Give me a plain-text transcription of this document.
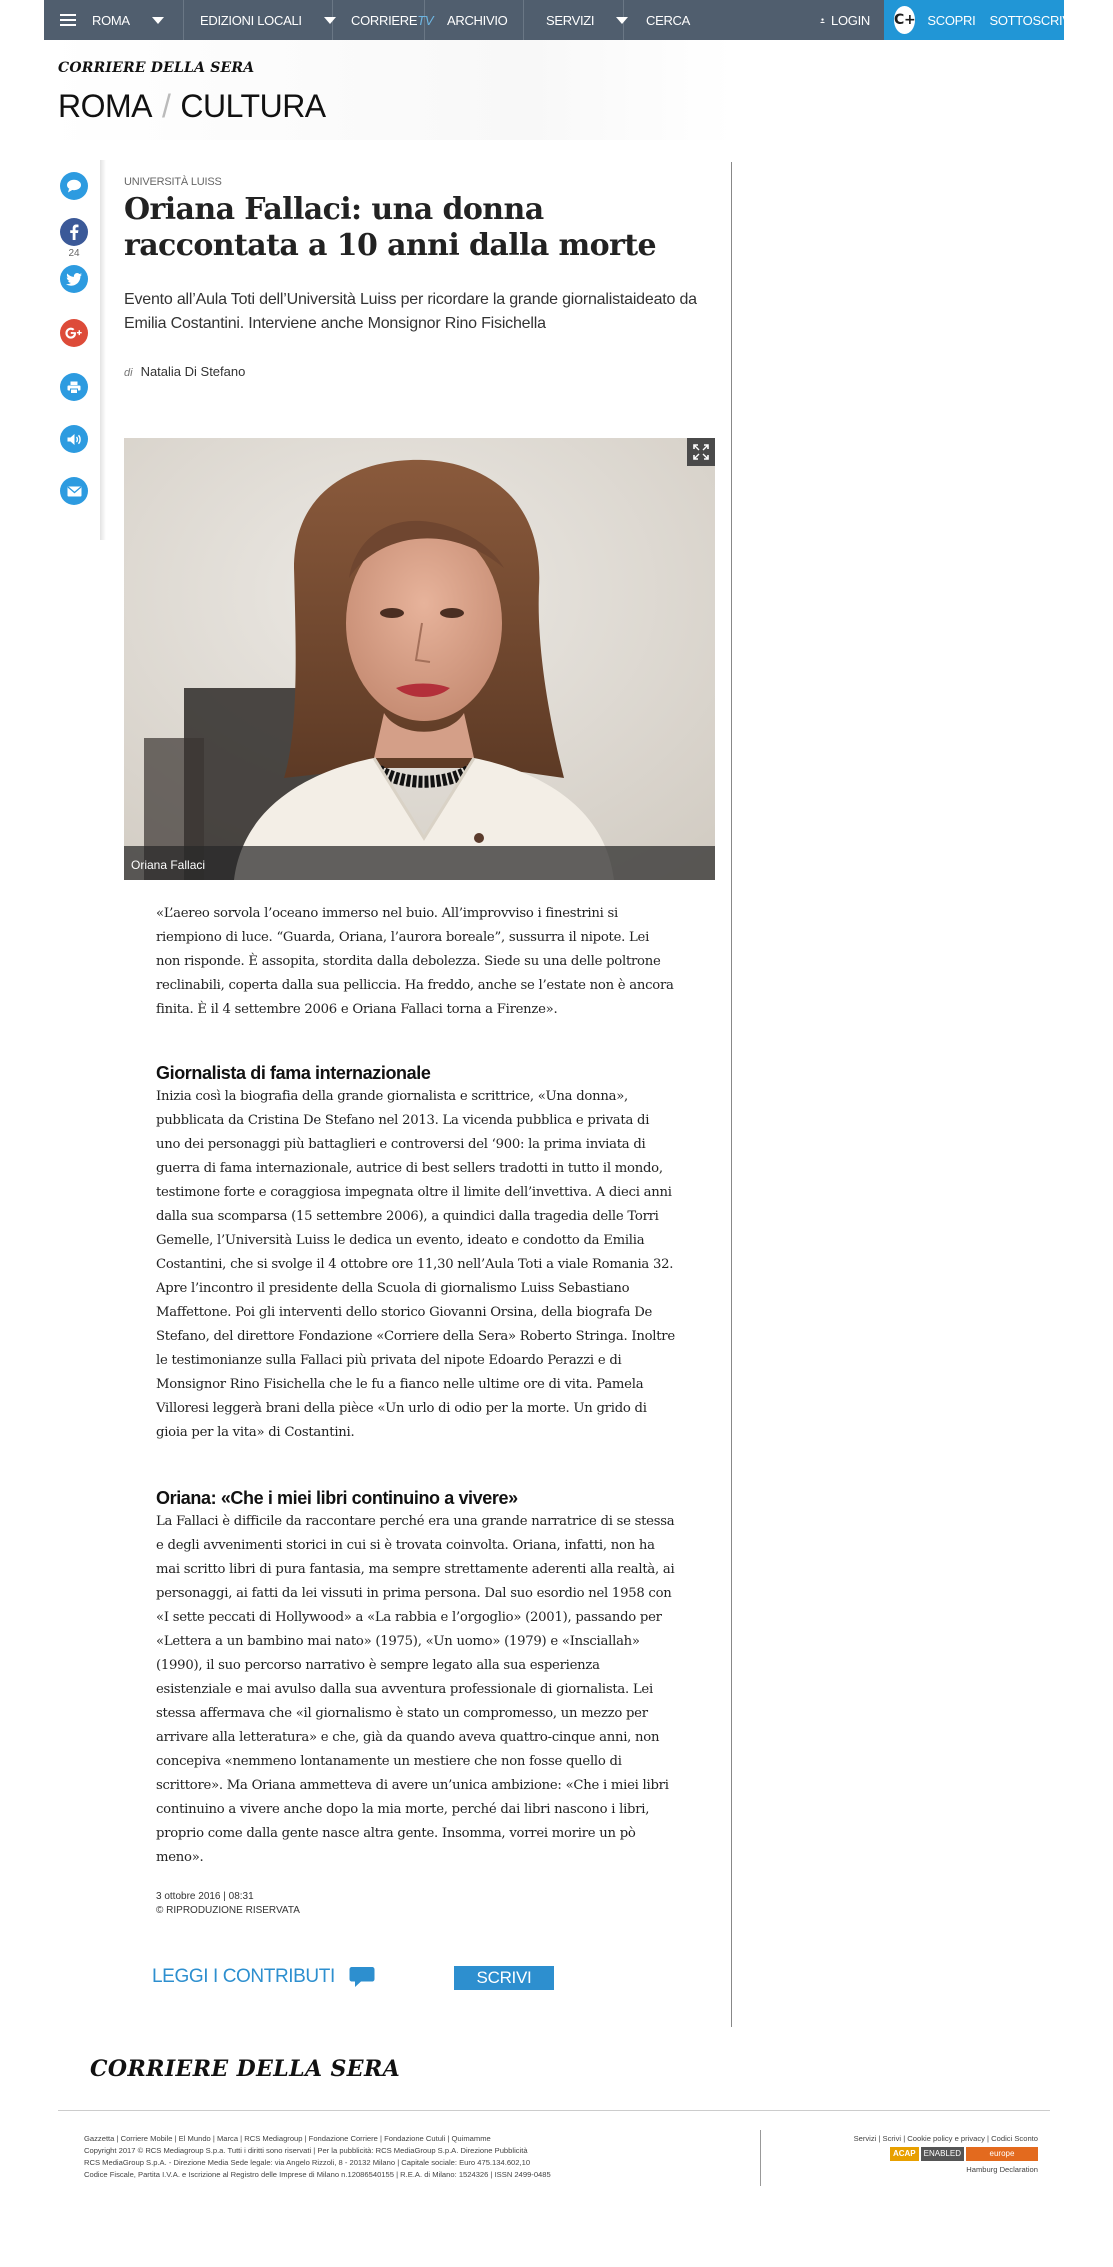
ROMA	EDIZIONI LOCALI	CORRIERE TV ARCHIVIO	SERVIZI	CERCA	LOGIN C+ SCOPRI SOTTOSCRIVI
CORRIERE DELLA SERA
ROMA / CULTURA
24
UNIVERSITÀ LUISS
Oriana Fallaci: una donna raccontata a 10 anni dalla morte

Evento all’Aula Toti dell’Università Luiss per ricordare la grande giornalistaideato da Emilia Costantini. Interviene anche Monsignor Rino Fisichella

di Natalia Di Stefano
Oriana Fallaci

«L’aereo sorvola l’oceano immerso nel buio. All’improvviso i finestrini si riempiono di luce. “Guarda, Oriana, l’aurora boreale”, sussurra il nipote. Lei non risponde. È assopita, stordita dalla debolezza. Siede su una delle poltrone reclinabili, coperta dalla sua pelliccia. Ha freddo, anche se l’estate non è ancora finita. È il 4 settembre 2006 e Oriana Fallaci torna a Firenze».

Giornalista di fama internazionale

Inizia così la biografia della grande giornalista e scrittrice, «Una donna», pubblicata da Cristina De Stefano nel 2013. La vicenda pubblica e privata di uno dei personaggi più battaglieri e controversi del ‘900: la prima inviata di guerra di fama internazionale, autrice di best sellers tradotti in tutto il mondo, testimone forte e coraggiosa impegnata oltre il limite dell’invettiva. A dieci anni dalla sua scomparsa (15 settembre 2006), a quindici dalla tragedia delle Torri Gemelle, l’Università Luiss le dedica un evento, ideato e condotto da Emilia Costantini, che si svolge il 4 ottobre ore 11,30 nell’Aula Toti a viale Romania 32. Apre l’incontro il presidente della Scuola di giornalismo Luiss Sebastiano Maffettone. Poi gli interventi dello storico Giovanni Orsina, della biografa De Stefano, del direttore Fondazione «Corriere della Sera» Roberto Stringa. Inoltre le testimonianze sulla Fallaci più privata del nipote Edoardo Perazzi e di Monsignor Rino Fisichella che le fu a fianco nelle ultime ore di vita. Pamela Villoresi leggerà brani della pièce «Un urlo di odio per la morte. Un grido di gioia per la vita» di Costantini.

Oriana: «Che i miei libri continuino a vivere»

La Fallaci è difficile da raccontare perché era una grande narratrice di se stessa e degli avvenimenti storici in cui si è trovata coinvolta. Oriana, infatti, non ha mai scritto libri di pura fantasia, ma sempre strettamente aderenti alla realtà, ai personaggi, ai fatti da lei vissuti in prima persona. Dal suo esordio nel 1958 con «I sette peccati di Hollywood» a «La rabbia e l’orgoglio» (2001), passando per «Lettera a un bambino mai nato» (1975), «Un uomo» (1979) e «Insciallah» (1990), il suo percorso narrativo è sempre legato alla sua esperienza esistenziale e mai avulso dalla sua avventura professionale di giornalista. Lei stessa affermava che «il giornalismo è stato un compromesso, un mezzo per arrivare alla letteratura» e che, già da quando aveva quattro-cinque anni, non concepiva «nemmeno lontanamente un mestiere che non fosse quello di scrittore». Ma Oriana ammetteva di avere un’unica ambizione: «Che i miei libri continuino a vivere anche dopo la mia morte, perché dai libri nascono i libri, proprio come dalla gente nasce altra gente. Insomma, vorrei morire un pò meno».

3 ottobre 2016 | 08:31
© RIPRODUZIONE RISERVATA
LEGGI I CONTRIBUTI	SCRIVI
CORRIERE DELLA SERA
Gazzetta | Corriere Mobile | El Mundo | Marca | RCS Mediagroup | Fondazione Corriere | Fondazione Cutuli | Quimamme
Copyright 2017 © RCS Mediagroup S.p.a. Tutti i diritti sono riservati | Per la pubblicità: RCS MediaGroup S.p.A. Direzione Pubblicità
RCS MediaGroup S.p.A. - Direzione Media Sede legale: via Angelo Rizzoli, 8 - 20132 Milano | Capitale sociale: Euro 475.134.602,10
Codice Fiscale, Partita I.V.A. e Iscrizione al Registro delle Imprese di Milano n.12086540155 | R.E.A. di Milano: 1524326 | ISSN 2499-0485
Servizi | Scrivi | Cookie policy e privacy | Codici Sconto
ACAP	ENABLED	europe
Hamburg Declaration
